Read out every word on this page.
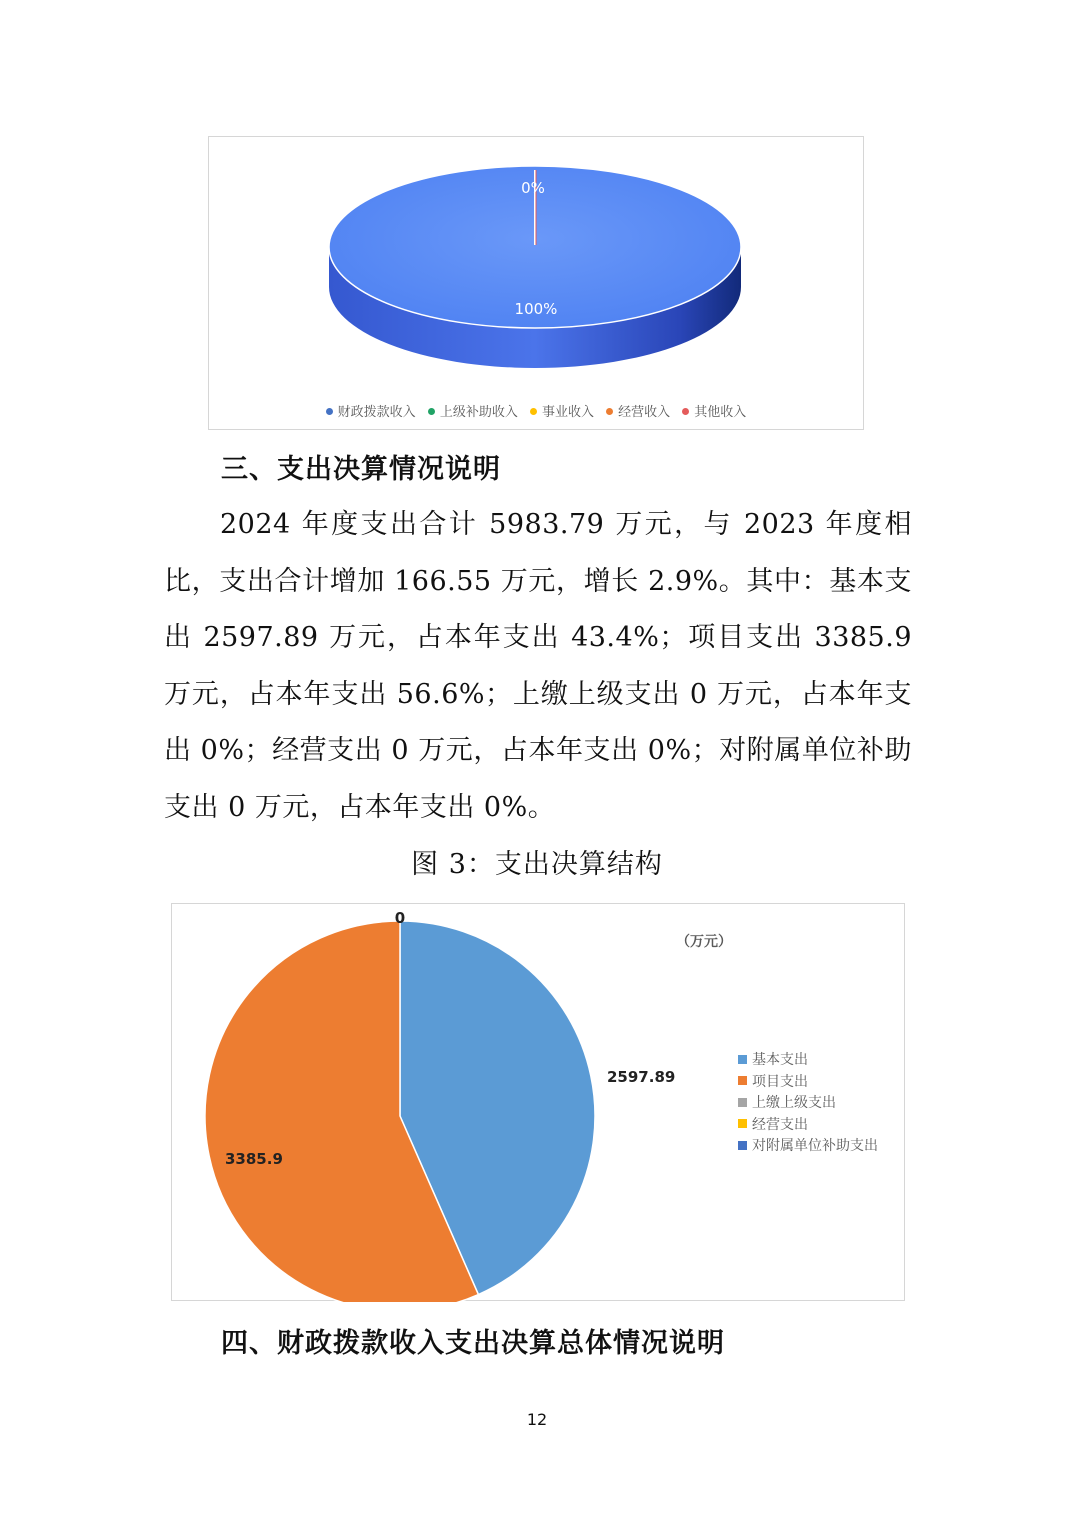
0%
100%
财政拨款收入 上级补助收入 事业收入 经营收入 其他收入
三、支出决算情况说明

2024 年度支出合计 5983.79 万元，与 2023 年度相比，支出合计增加 166.55 万元，增长 2.9%。其中：基本支出 2597.89 万元，占本年支出 43.4%；项目支出 3385.9 万元，占本年支出 56.6%；上缴上级支出 0 万元，占本年支出 0%；经营支出 0 万元，占本年支出 0%；对附属单位补助支出 0 万元，占本年支出 0%。

图 3：支出决算结构

0
2597.89
3385.9
（万元）
基本支出
项目支出
上缴上级支出
经营支出
对附属单位补助支出
四、财政拨款收入支出决算总体情况说明

12
